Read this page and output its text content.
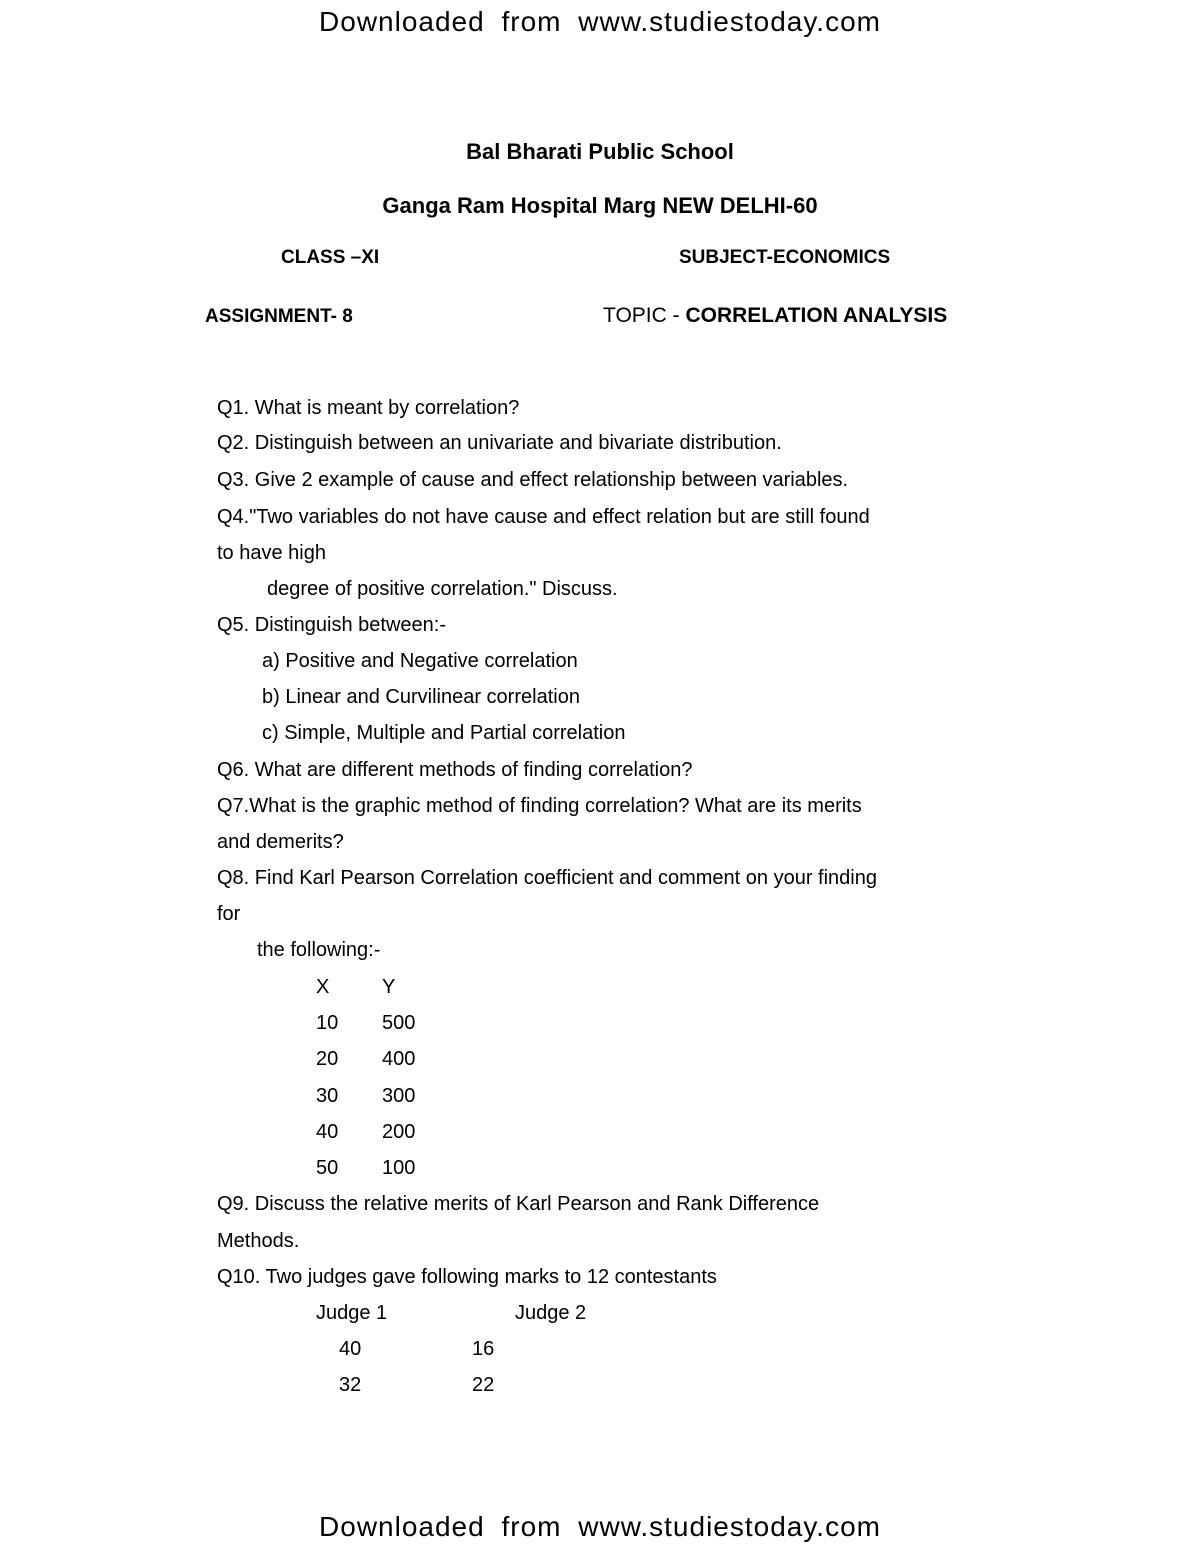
Downloaded from www.studiestoday.com
Bal Bharati Public School
Ganga Ram Hospital Marg NEW DELHI-60
CLASS –XI	SUBJECT-ECONOMICS
ASSIGNMENT- 8	TOPIC - CORRELATION ANALYSIS
Q1. What is meant by correlation?
Q2. Distinguish between an univariate and bivariate distribution.
Q3. Give 2 example of cause and effect relationship between variables.
Q4."Two variables do not have cause and effect relation but are still found
to have high
degree of positive correlation." Discuss.
Q5. Distinguish between:-
a) Positive and Negative correlation
b) Linear and Curvilinear correlation
c) Simple, Multiple and Partial correlation
Q6. What are different methods of finding correlation?
Q7.What is the graphic method of finding correlation? What are its merits
and demerits?
Q8. Find Karl Pearson Correlation coefficient and comment on your finding
for
the following:-
X	Y
10 500
20 400
30 300
40 200
50 100
Q9. Discuss the relative merits of Karl Pearson and Rank Difference
Methods.
Q10. Two judges gave following marks to 12 contestants
Judge 1	Judge 2
40	16
32	22
Downloaded from www.studiestoday.com
